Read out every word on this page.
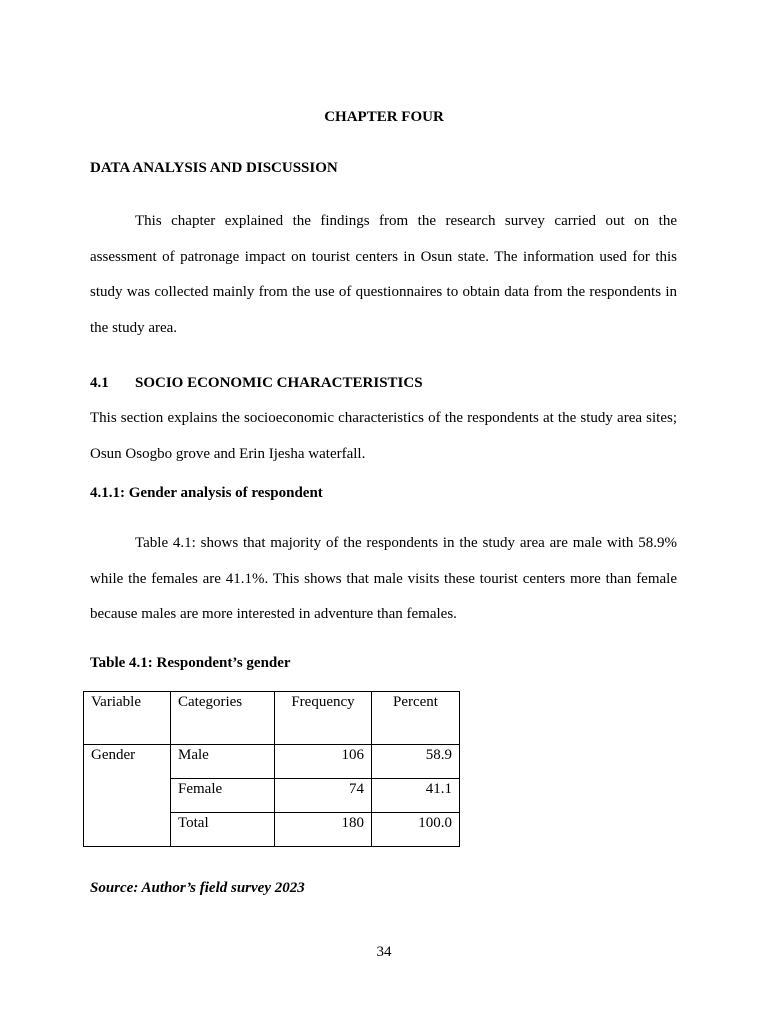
CHAPTER FOUR

DATA ANALYSIS AND DISCUSSION

This chapter explained the findings from the research survey carried out on the assessment of patronage impact on tourist centers in Osun state. The information used for this study was collected mainly from the use of questionnaires to obtain data from the respondents in the study area.

4.1 SOCIO ECONOMIC CHARACTERISTICS

This section explains the socioeconomic characteristics of the respondents at the study area sites; Osun Osogbo grove and Erin Ijesha waterfall.

4.1.1: Gender analysis of respondent

Table 4.1: shows that majority of the respondents in the study area are male with 58.9% while the females are 41.1%. This shows that male visits these tourist centers more than female because males are more interested in adventure than females.

Table 4.1: Respondent’s gender

Variable	Categories	Frequency	Percent
Gender	Male	106	58.9
	Female	74	41.1
	Total	180	100.0

Source: Author’s field survey 2023

34
